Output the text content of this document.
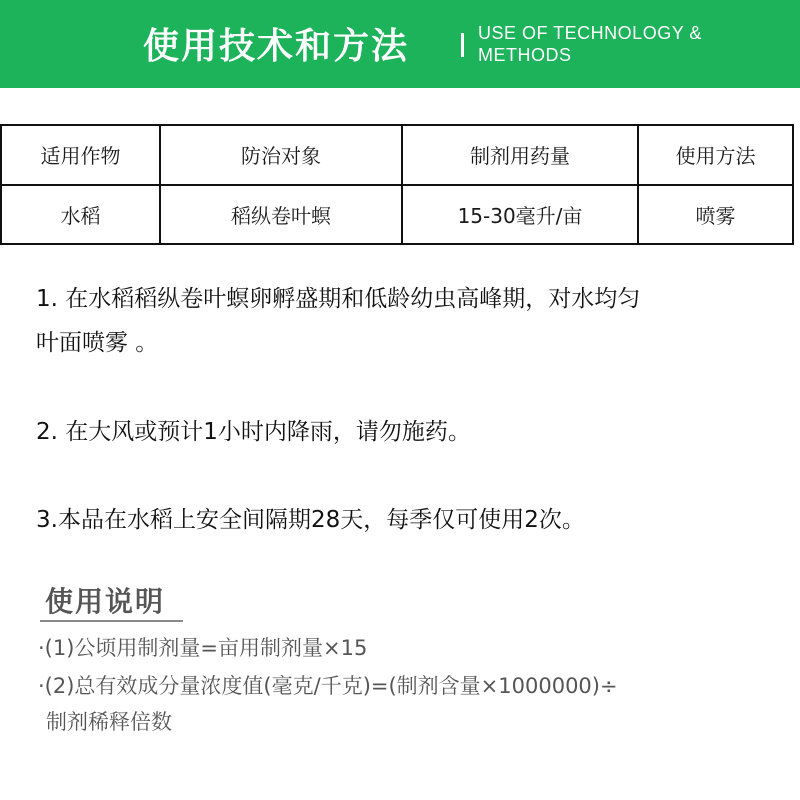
使用技术和方法	USE OF TECHNOLOGY &
METHODS
适用作物	防治对象	制剂用药量	使用方法
水稻	稻纵卷叶螟	15-30毫升/亩	喷雾
1. 在水稻稻纵卷叶螟卵孵盛期和低龄幼虫高峰期，对水均匀
叶面喷雾 。
2. 在大风或预计1小时内降雨，请勿施药。
3.本品在水稻上安全间隔期28天，每季仅可使用2次。
使用说明
·(1)公顷用制剂量=亩用制剂量×15
·(2)总有效成分量浓度值(毫克/千克)=(制剂含量×1000000)÷
制剂稀释倍数
